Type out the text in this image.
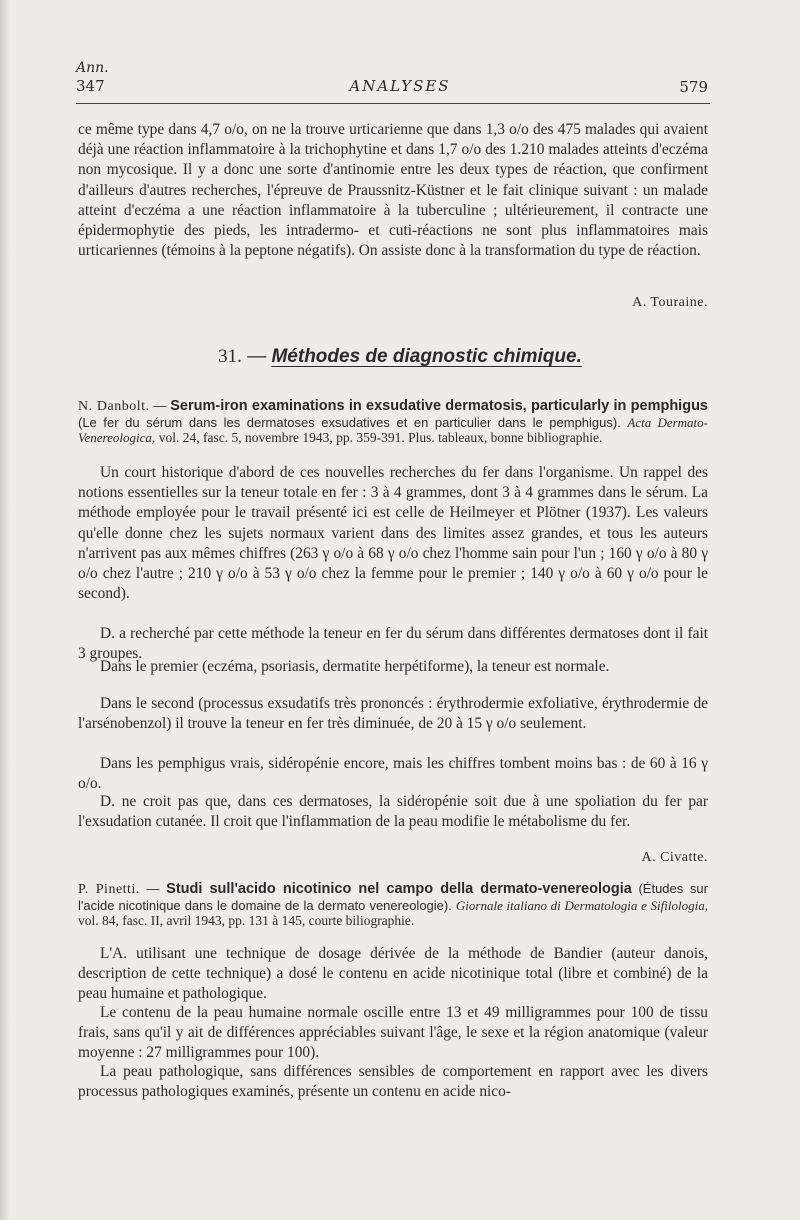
Ann.
347	ANALYSES	579

ce même type dans 4,7 o/o, on ne la trouve urticarienne que dans 1,3 o/o des 475 malades qui avaient déjà une réaction inflammatoire à la trichophytine et dans 1,7 o/o des 1.210 malades atteints d'eczéma non mycosique. Il y a donc une sorte d'antinomie entre les deux types de réaction, que confirment d'ailleurs d'autres recherches, l'épreuve de Praussnitz-Küstner et le fait clinique suivant : un malade atteint d'eczéma a une réaction inflammatoire à la tuberculine ; ultérieurement, il contracte une épidermophytie des pieds, les intradermo- et cuti-réactions ne sont plus inflammatoires mais urticariennes (témoins à la peptone négatifs). On assiste donc à la transformation du type de réaction.

A. Touraine.
31. — Méthodes de diagnostic chimique.

N. Danbolt. — Serum-iron examinations in exsudative dermatosis, particularly in pemphigus (Le fer du sérum dans les dermatoses exsudatives et en particulier dans le pemphigus). Acta Dermato-Venereologica, vol. 24, fasc. 5, novembre 1943, pp. 359-391. Plus. tableaux, bonne bibliographie.

Un court historique d'abord de ces nouvelles recherches du fer dans l'organisme. Un rappel des notions essentielles sur la teneur totale en fer : 3 à 4 grammes, dont 3 à 4 grammes dans le sérum. La méthode employée pour le travail présenté ici est celle de Heilmeyer et Plötner (1937). Les valeurs qu'elle donne chez les sujets normaux varient dans des limites assez grandes, et tous les auteurs n'arrivent pas aux mêmes chiffres (263 γ o/o à 68 γ o/o chez l'homme sain pour l'un ; 160 γ o/o à 80 γ o/o chez l'autre ; 210 γ o/o à 53 γ o/o chez la femme pour le premier ; 140 γ o/o à 60 γ o/o pour le second).

D. a recherché par cette méthode la teneur en fer du sérum dans différentes dermatoses dont il fait 3 groupes.

Dans le premier (eczéma, psoriasis, dermatite herpétiforme), la teneur est normale.

Dans le second (processus exsudatifs très prononcés : érythrodermie exfoliative, érythrodermie de l'arsénobenzol) il trouve la teneur en fer très diminuée, de 20 à 15 γ o/o seulement.

Dans les pemphigus vrais, sidéropénie encore, mais les chiffres tombent moins bas : de 60 à 16 γ o/o.

D. ne croit pas que, dans ces dermatoses, la sidéropénie soit due à une spoliation du fer par l'exsudation cutanée. Il croit que l'inflammation de la peau modifie le métabolisme du fer.

A. Civatte.

P. Pinetti. — Studi sull'acido nicotinico nel campo della dermato-venereologia (Études sur l'acide nicotinique dans le domaine de la dermato venereologie). Giornale italiano di Dermatologia e Sifilologia, vol. 84, fasc. II, avril 1943, pp. 131 à 145, courte biliographie.

L'A. utilisant une technique de dosage dérivée de la méthode de Bandier (auteur danois, description de cette technique) a dosé le contenu en acide nicotinique total (libre et combiné) de la peau humaine et pathologique.

Le contenu de la peau humaine normale oscille entre 13 et 49 milligrammes pour 100 de tissu frais, sans qu'il y ait de différences appréciables suivant l'âge, le sexe et la région anatomique (valeur moyenne : 27 milligrammes pour 100).

La peau pathologique, sans différences sensibles de comportement en rapport avec les divers processus pathologiques examinés, présente un contenu en acide nico-
